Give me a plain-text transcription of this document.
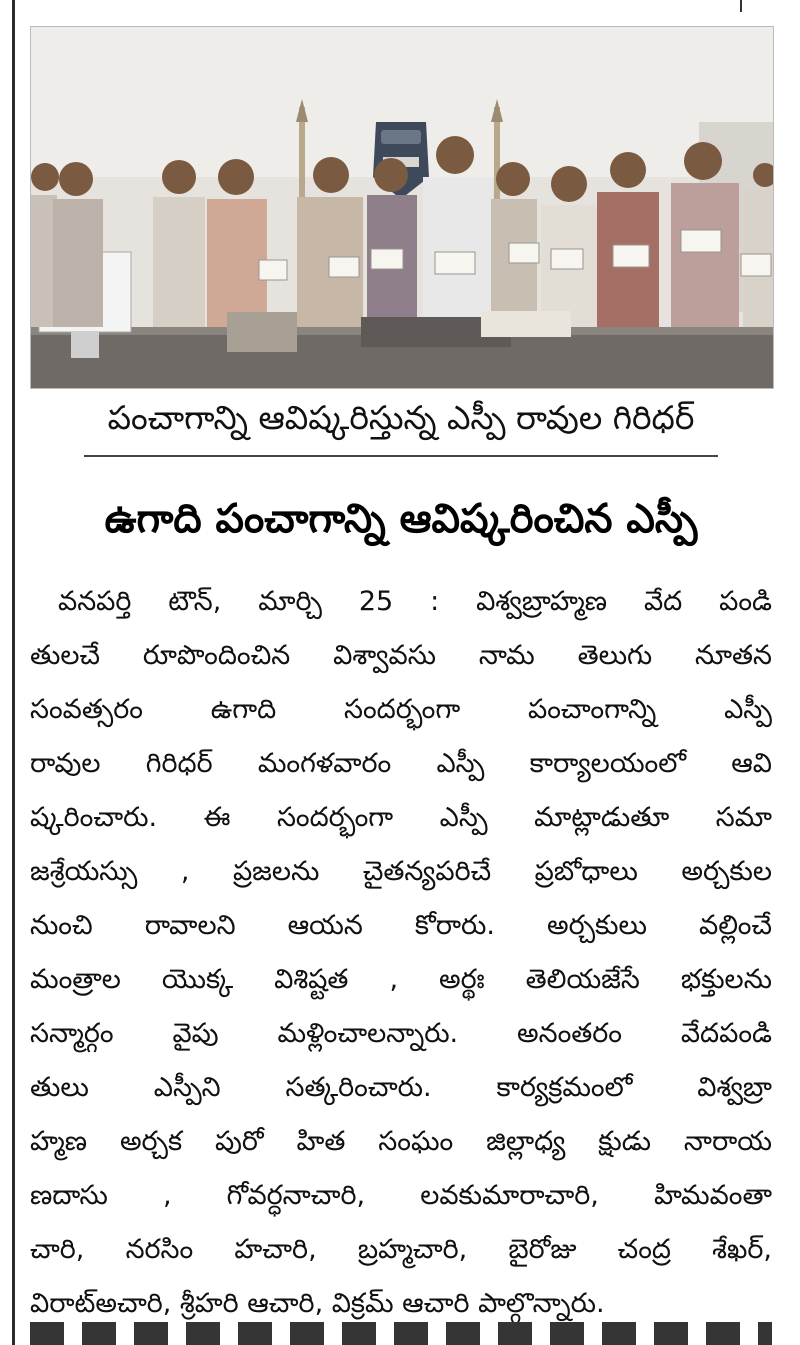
పంచాగాన్ని ఆవిష్కరిస్తున్న ఎస్పీ రావుల గిరిధర్
ఉగాది పంచాగాన్ని ఆవిష్కరించిన ఎస్పీ
వనపర్తి టౌన్, మార్చి 25 : విశ్వబ్రాహ్మణ వేద పండి
తులచే రూపొందించిన విశ్వావసు నామ తెలుగు నూతన
సంవత్సరం ఉగాది సందర్భంగా పంచాంగాన్ని ఎస్పీ
రావుల గిరిధర్ మంగళవారం ఎస్పీ కార్యాలయంలో ఆవి
ష్కరించారు. ఈ సందర్భంగా ఎస్పీ మాట్లాడుతూ సమా
జశ్రేయస్సు , ప్రజలను చైతన్యపరిచే ప్రబోధాలు అర్చకుల
నుంచి రావాలని ఆయన కోరారు. అర్చకులు వల్లించే
మంత్రాల యొక్క విశిష్టత , అర్థః తెలియజేసే భక్తులను
సన్మార్గం వైపు మళ్లించాలన్నారు. అనంతరం వేదపండి
తులు ఎస్పీని సత్కరించారు. కార్యక్రమంలో విశ్వబ్రా
హ్మణ అర్చక పురో హిత సంఘం జిల్లాధ్య క్షుడు నారాయ
ణదాసు , గోవర్ధనాచారి, లవకుమారాచారి, హిమవంతా
చారి, నరసిం హచారి, బ్రహ్మచారి, బైరోజు చంద్ర శేఖర్,
విరాట్అచారి, శ్రీహరి ఆచారి, విక్రమ్ ఆచారి పాల్గొన్నారు.
